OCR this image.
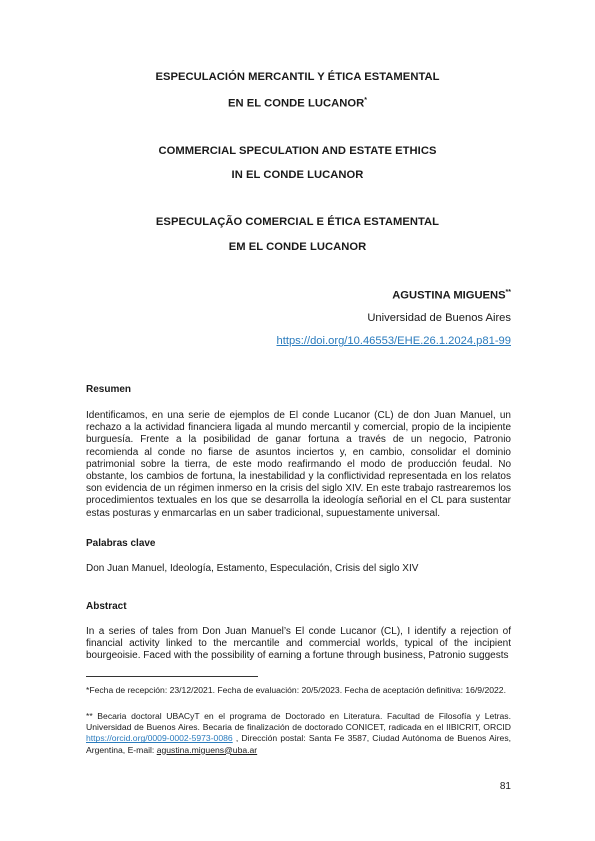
ESPECULACIÓN MERCANTIL Y ÉTICA ESTAMENTAL
EN EL CONDE LUCANOR*
COMMERCIAL SPECULATION AND ESTATE ETHICS
IN EL CONDE LUCANOR
ESPECULAÇÃO COMERCIAL E ÉTICA ESTAMENTAL
EM EL CONDE LUCANOR
AGUSTINA MIGUENS**
Universidad de Buenos Aires
https://doi.org/10.46553/EHE.26.1.2024.p81-99
Resumen

Identificamos, en una serie de ejemplos de El conde Lucanor (CL) de don Juan Manuel, un rechazo a la actividad financiera ligada al mundo mercantil y comercial, propio de la incipiente burguesía. Frente a la posibilidad de ganar fortuna a través de un negocio, Patronio recomienda al conde no fiarse de asuntos inciertos y, en cambio, consolidar el dominio patrimonial sobre la tierra, de este modo reafirmando el modo de producción feudal. No obstante, los cambios de fortuna, la inestabilidad y la conflictividad representada en los relatos son evidencia de un régimen inmerso en la crisis del siglo XIV. En este trabajo rastrearemos los procedimientos textuales en los que se desarrolla la ideología señorial en el CL para sustentar estas posturas y enmarcarlas en un saber tradicional, supuestamente universal.

Palabras clave

Don Juan Manuel, Ideología, Estamento, Especulación, Crisis del siglo XIV

Abstract

In a series of tales from Don Juan Manuel’s El conde Lucanor (CL), I identify a rejection of financial activity linked to the mercantile and commercial worlds, typical of the incipient bourgeoisie. Faced with the possibility of earning a fortune through business, Patronio suggests

*Fecha de recepción: 23/12/2021. Fecha de evaluación: 20/5/2023. Fecha de aceptación definitiva: 16/9/2022.

** Becaria doctoral UBACyT en el programa de Doctorado en Literatura. Facultad de Filosofía y Letras. Universidad de Buenos Aires. Becaria de finalización de doctorado CONICET, radicada en el IIBICRIT, ORCID https://orcid.org/0009-0002-5973-0086 , Dirección postal: Santa Fe 3587, Ciudad Autónoma de Buenos Aires, Argentina, E-mail: agustina.miguens@uba.ar

81
